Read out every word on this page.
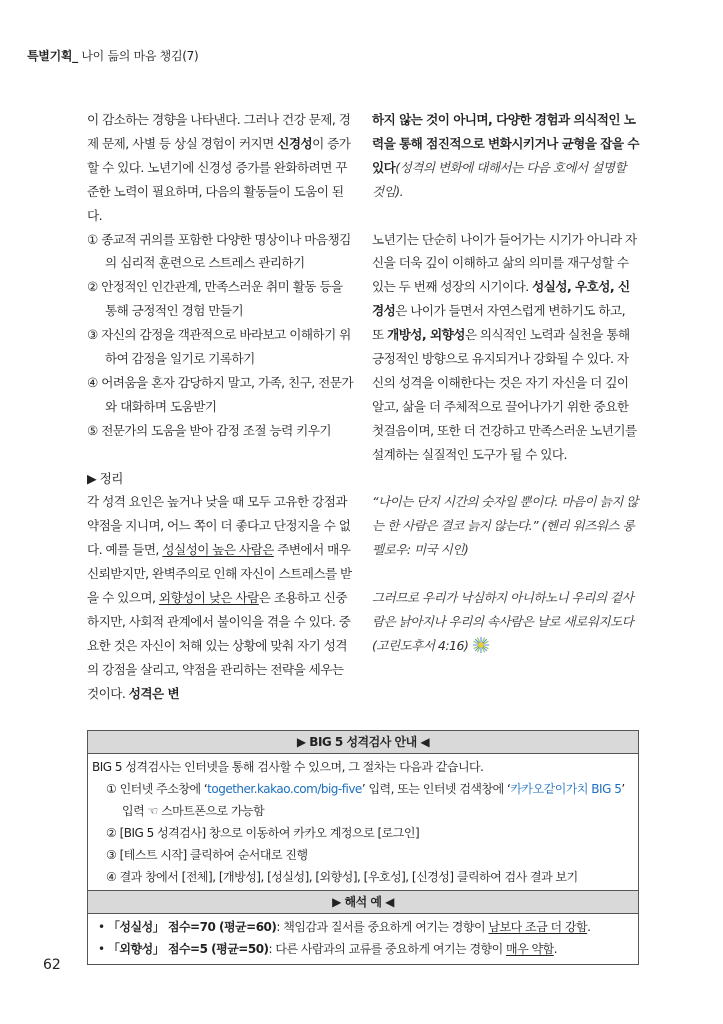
특별기획_ 나이 듦의 마음 챙김(7)

이 감소하는 경향을 나타낸다. 그러나 건강 문제, 경제 문제, 사별 등 상실 경험이 커지면 신경성이 증가할 수 있다. 노년기에 신경성 증가를 완화하려면 꾸준한 노력이 필요하며, 다음의 활동들이 도움이 된다.

① 종교적 귀의를 포함한 다양한 명상이나 마음챙김의 심리적 훈련으로 스트레스 관리하기

② 안정적인 인간관계, 만족스러운 취미 활동 등을 통해 긍정적인 경험 만들기

③ 자신의 감정을 객관적으로 바라보고 이해하기 위하여 감정을 일기로 기록하기

④ 어려움을 혼자 감당하지 말고, 가족, 친구, 전문가와 대화하며 도움받기

⑤ 전문가의 도움을 받아 감정 조절 능력 키우기

▶ 정리

각 성격 요인은 높거나 낮을 때 모두 고유한 강점과 약점을 지니며, 어느 쪽이 더 좋다고 단정지을 수 없다. 예를 들면, 성실성이 높은 사람은 주변에서 매우 신뢰받지만, 완벽주의로 인해 자신이 스트레스를 받을 수 있으며, 외향성이 낮은 사람은 조용하고 신중하지만, 사회적 관계에서 불이익을 겪을 수 있다. 중요한 것은 자신이 처해 있는 상황에 맞춰 자기 성격의 강점을 살리고, 약점을 관리하는 전략을 세우는 것이다. 성격은 변

하지 않는 것이 아니며, 다양한 경험과 의식적인 노력을 통해 점진적으로 변화시키거나 균형을 잡을 수 있다(성격의 변화에 대해서는 다음 호에서 설명할 것임).

노년기는 단순히 나이가 들어가는 시기가 아니라 자신을 더욱 깊이 이해하고 삶의 의미를 재구성할 수 있는 두 번째 성장의 시기이다. 성실성, 우호성, 신경성은 나이가 들면서 자연스럽게 변하기도 하고, 또 개방성, 외향성은 의식적인 노력과 실천을 통해 긍정적인 방향으로 유지되거나 강화될 수 있다. 자신의 성격을 이해한다는 것은 자기 자신을 더 깊이 알고, 삶을 더 주체적으로 끌어나가기 위한 중요한 첫걸음이며, 또한 더 건강하고 만족스러운 노년기를 설계하는 실질적인 도구가 될 수 있다.

“나이는 단지 시간의 숫자일 뿐이다. 마음이 늙지 않는 한 사람은 결코 늙지 않는다.” (헨리 워즈워스 롱펠로우: 미국 시인)

그러므로 우리가 낙심하지 아니하노니 우리의 겉사람은 낡아지나 우리의 속사람은 날로 새로워지도다 (고린도후서 4:16)

▶ BIG 5 성격검사 안내 ◀

BIG 5 성격검사는 인터넷을 통해 검사할 수 있으며, 그 절차는 다음과 같습니다.

① 인터넷 주소창에 ‘together.kakao.com/big-five’ 입력, 또는 인터넷 검색창에 ‘카카오같이가치 BIG 5’ 입력 ☜ 스마트폰으로 가능함

② [BIG 5 성격검사] 창으로 이동하여 카카오 계정으로 [로그인]

③ [테스트 시작] 클릭하여 순서대로 진행

④ 결과 창에서 [전체], [개방성], [성실성], [외향성], [우호성], [신경성] 클릭하여 검사 결과 보기

▶ 해석 예 ◀

• 「성실성」 점수=70 (평균=60): 책임감과 질서를 중요하게 여기는 경향이 남보다 조금 더 강함.

• 「외향성」 점수=5 (평균=50): 다른 사람과의 교류를 중요하게 여기는 경향이 매우 약함.

62
